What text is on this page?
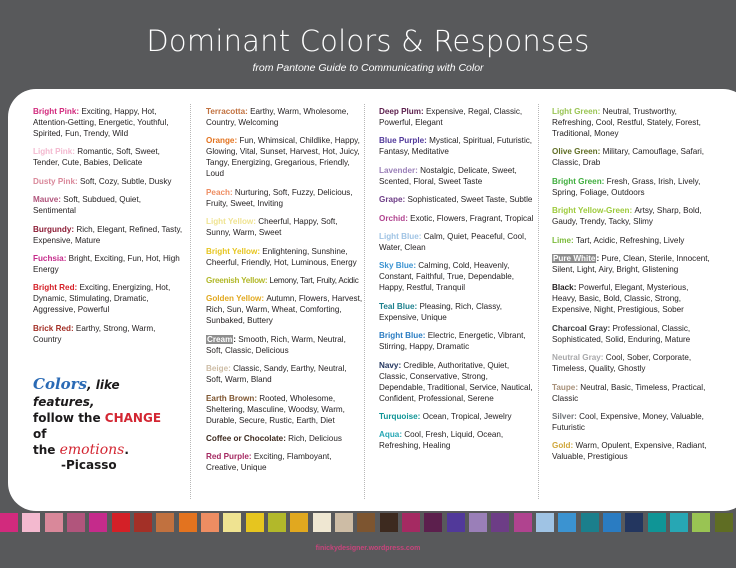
Dominant Colors & Responses
from Pantone Guide to Communicating with Color
Bright Pink: Exciting, Happy, Hot, Attention-Getting, Energetic, Youthful, Spirited, Fun, Trendy, Wild
Light Pink: Romantic, Soft, Sweet, Tender, Cute, Babies, Delicate
Dusty Pink: Soft, Cozy, Subtle, Dusky
Mauve: Soft, Subdued, Quiet, Sentimental
Burgundy: Rich, Elegant, Refined, Tasty, Expensive, Mature
Fuchsia: Bright, Exciting, Fun, Hot, High Energy
Bright Red: Exciting, Energizing, Hot, Dynamic, Stimulating, Dramatic, Aggressive, Powerful
Brick Red: Earthy, Strong, Warm, Country
Terracotta: Earthy, Warm, Wholesome, Country, Welcoming
Orange: Fun, Whimsical, Childlike, Happy, Glowing, Vital, Sunset, Harvest, Hot, Juicy, Tangy, Energizing, Gregarious, Friendly, Loud
Peach: Nurturing, Soft, Fuzzy, Delicious, Fruity, Sweet, Inviting
Light Yellow: Cheerful, Happy, Soft, Sunny, Warm, Sweet
Bright Yellow: Enlightening, Sunshine, Cheerful, Friendly, Hot, Luminous, Energy
Greenish Yellow: Lemony, Tart, Fruity, Acidic
Golden Yellow: Autumn, Flowers, Harvest, Rich, Sun, Warm, Wheat, Comforting, Sunbaked, Buttery
Cream: Smooth, Rich, Warm, Neutral, Soft, Classic, Delicious
Beige: Classic, Sandy, Earthy, Neutral, Soft, Warm, Bland
Earth Brown: Rooted, Wholesome, Sheltering, Masculine, Woodsy, Warm, Durable, Secure, Rustic, Earth, Diet
Coffee or Chocolate: Rich, Delicious
Red Purple: Exciting, Flamboyant, Creative, Unique
Deep Plum: Expensive, Regal, Classic, Powerful, Elegant
Blue Purple: Mystical, Spiritual, Futuristic, Fantasy, Meditative
Lavender: Nostalgic, Delicate, Sweet, Scented, Floral, Sweet Taste
Grape: Sophisticated, Sweet Taste, Subtle
Orchid: Exotic, Flowers, Fragrant, Tropical
Light Blue: Calm, Quiet, Peaceful, Cool, Water, Clean
Sky Blue: Calming, Cold, Heavenly, Constant, Faithful, True, Dependable, Happy, Restful, Tranquil
Teal Blue: Pleasing, Rich, Classy, Expensive, Unique
Bright Blue: Electric, Energetic, Vibrant, Stirring, Happy, Dramatic
Navy: Credible, Authoritative, Quiet, Classic, Conservative, Strong, Dependable, Traditional, Service, Nautical, Confident, Professional, Serene
Turquoise: Ocean, Tropical, Jewelry
Aqua: Cool, Fresh, Liquid, Ocean, Refreshing, Healing
Light Green: Neutral, Trustworthy, Refreshing, Cool, Restful, Stately, Forest, Traditional, Money
Olive Green: Military, Camouflage, Safari, Classic, Drab
Bright Green: Fresh, Grass, Irish, Lively, Spring, Foliage, Outdoors
Bright Yellow-Green: Artsy, Sharp, Bold, Gaudy, Trendy, Tacky, Slimy
Lime: Tart, Acidic, Refreshing, Lively
Pure White: Pure, Clean, Sterile, Innocent, Silent, Light, Airy, Bright, Glistening
Black: Powerful, Elegant, Mysterious, Heavy, Basic, Bold, Classic, Strong, Expensive, Night, Prestigious, Sober
Charcoal Gray: Professional, Classic, Sophisticated, Solid, Enduring, Mature
Neutral Gray: Cool, Sober, Corporate, Timeless, Quality, Ghostly
Taupe: Neutral, Basic, Timeless, Practical, Classic
Silver: Cool, Expensive, Money, Valuable, Futuristic
Gold: Warm, Opulent, Expensive, Radiant, Valuable, Prestigious
Colors, like features,
follow the CHANGE of
the emotions.
-Picasso
finickydesigner.wordpress.com
